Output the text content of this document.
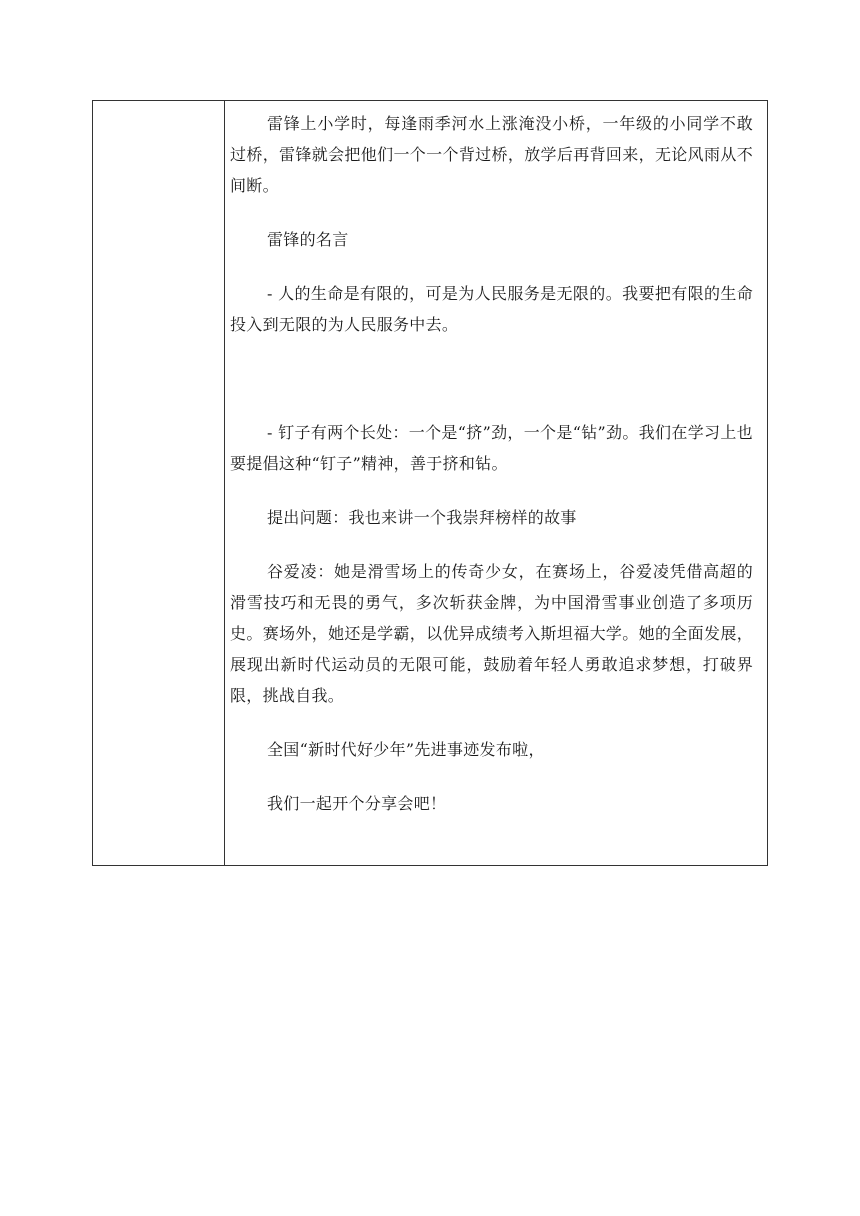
雷锋上小学时，每逢雨季河水上涨淹没小桥，一年级的小同学不敢过桥，雷锋就会把他们一个一个背过桥，放学后再背回来，无论风雨从不间断。

雷锋的名言

- 人的生命是有限的，可是为人民服务是无限的。我要把有限的生命投入到无限的为人民服务中去。

- 钉子有两个长处：一个是“挤”劲，一个是“钻”劲。我们在学习上也要提倡这种“钉子”精神，善于挤和钻。

提出问题：我也来讲一个我崇拜榜样的故事

谷爱凌：她是滑雪场上的传奇少女，在赛场上，谷爱凌凭借高超的滑雪技巧和无畏的勇气，多次斩获金牌，为中国滑雪事业创造了多项历史。赛场外，她还是学霸，以优异成绩考入斯坦福大学。她的全面发展，展现出新时代运动员的无限可能，鼓励着年轻人勇敢追求梦想，打破界限，挑战自我。

全国“新时代好少年”先进事迹发布啦，

我们一起开个分享会吧！
